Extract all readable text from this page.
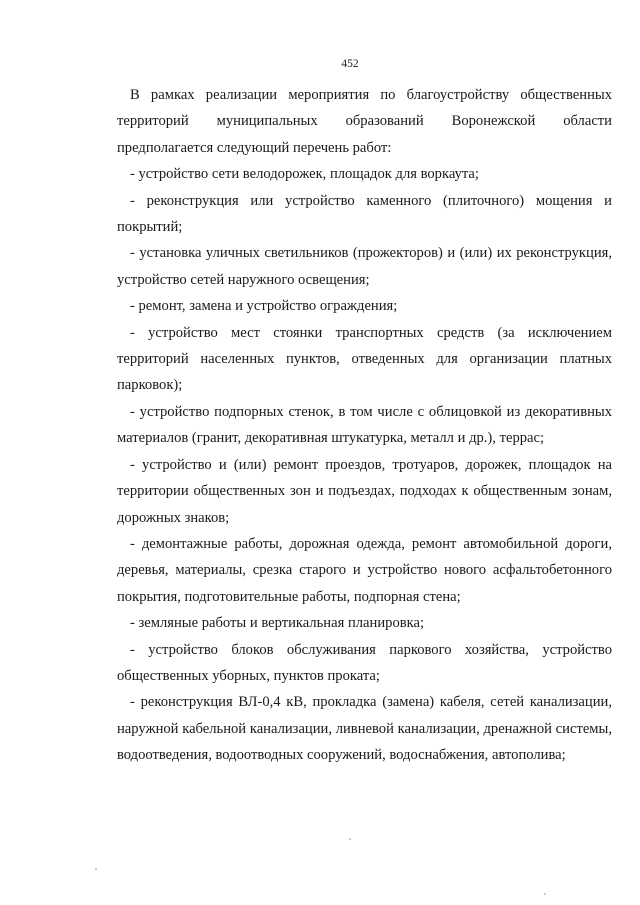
452

В рамках реализации мероприятия по благоустройству общественных территорий муниципальных образований Воронежской области предполагается следующий перечень работ:

- устройство сети велодорожек, площадок для воркаута;

- реконструкция или устройство каменного (плиточного) мощения и покрытий;

- установка уличных светильников (прожекторов) и (или) их реконструкция, устройство сетей наружного освещения;

- ремонт, замена и устройство ограждения;

- устройство мест стоянки транспортных средств (за исключением территорий населенных пунктов, отведенных для организации платных парковок);

- устройство подпорных стенок, в том числе с облицовкой из декоративных материалов (гранит, декоративная штукатурка, металл и др.), террас;

- устройство и (или) ремонт проездов, тротуаров, дорожек, площадок на территории общественных зон и подъездах, подходах к общественным зонам, дорожных знаков;

- демонтажные работы, дорожная одежда, ремонт автомобильной дороги, деревья, материалы, срезка старого и устройство нового асфальтобетонного покрытия, подготовительные работы, подпорная стена;

- земляные работы и вертикальная планировка;

- устройство блоков обслуживания паркового хозяйства, устройство общественных уборных, пунктов проката;

- реконструкция ВЛ-0,4 кВ, прокладка (замена) кабеля, сетей канализации, наружной кабельной канализации, ливневой канализации, дренажной системы, водоотведения, водоотводных сооружений, водоснабжения, автополива;
